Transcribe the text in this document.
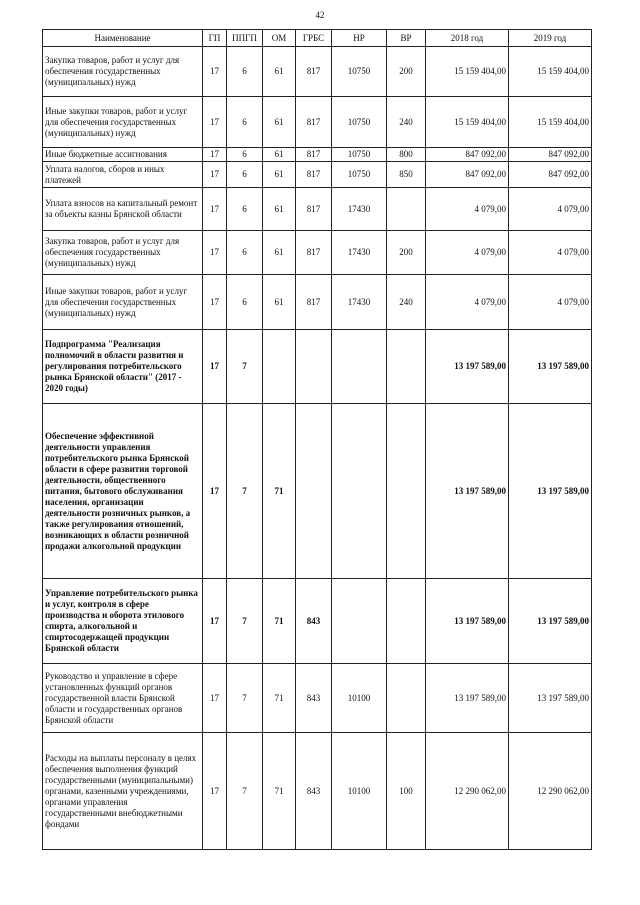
42
Наименование	ГП	ППГП	ОМ	ГРБС	НР	ВР	2018 год	2019 год
Закупка товаров, работ и услуг для обеспечения государственных (муниципальных) нужд	17	6	61	817	10750	200	15 159 404,00	15 159 404,00
Иные закупки товаров, работ и услуг для обеспечения государственных (муниципальных) нужд	17	6	61	817	10750	240	15 159 404,00	15 159 404,00
Иные бюджетные ассигнования	17	6	61	817	10750	800	847 092,00	847 092,00
Уплата налогов, сборов и иных платежей	17	6	61	817	10750	850	847 092,00	847 092,00
Уплата взносов на капитальный ремонт за объекты казны Брянской области	17	6	61	817	17430		4 079,00	4 079,00
Закупка товаров, работ и услуг для обеспечения государственных (муниципальных) нужд	17	6	61	817	17430	200	4 079,00	4 079,00
Иные закупки товаров, работ и услуг для обеспечения государственных (муниципальных) нужд	17	6	61	817	17430	240	4 079,00	4 079,00
Подпрограмма "Реализация полномочий в области развития и регулирования потребительского рынка Брянской области" (2017 - 2020 годы)	17	7					13 197 589,00	13 197 589,00
Обеспечение эффективной деятельности управления потребительского рынка Брянской области в сфере развития торговой деятельности, общественного питания, бытового обслуживания населения, организации деятельности розничных рынков, а также регулирования отношений, возникающих в области розничной продажи алкогольной продукции	17	7	71				13 197 589,00	13 197 589,00
Управление потребительского рынка и услуг, контроля в сфере производства и оборота этилового спирта, алкогольной и спиртосодержащей продукции Брянской области	17	7	71	843			13 197 589,00	13 197 589,00
Руководство и управление в сфере установленных функций органов государственной власти Брянской области и государственных органов Брянской области	17	7	71	843	10100		13 197 589,00	13 197 589,00
Расходы на выплаты персоналу в целях обеспечения выполнения функций государственными (муниципальными) органами, казенными учреждениями, органами управления государственными внебюджетными фондами	17	7	71	843	10100	100	12 290 062,00	12 290 062,00
